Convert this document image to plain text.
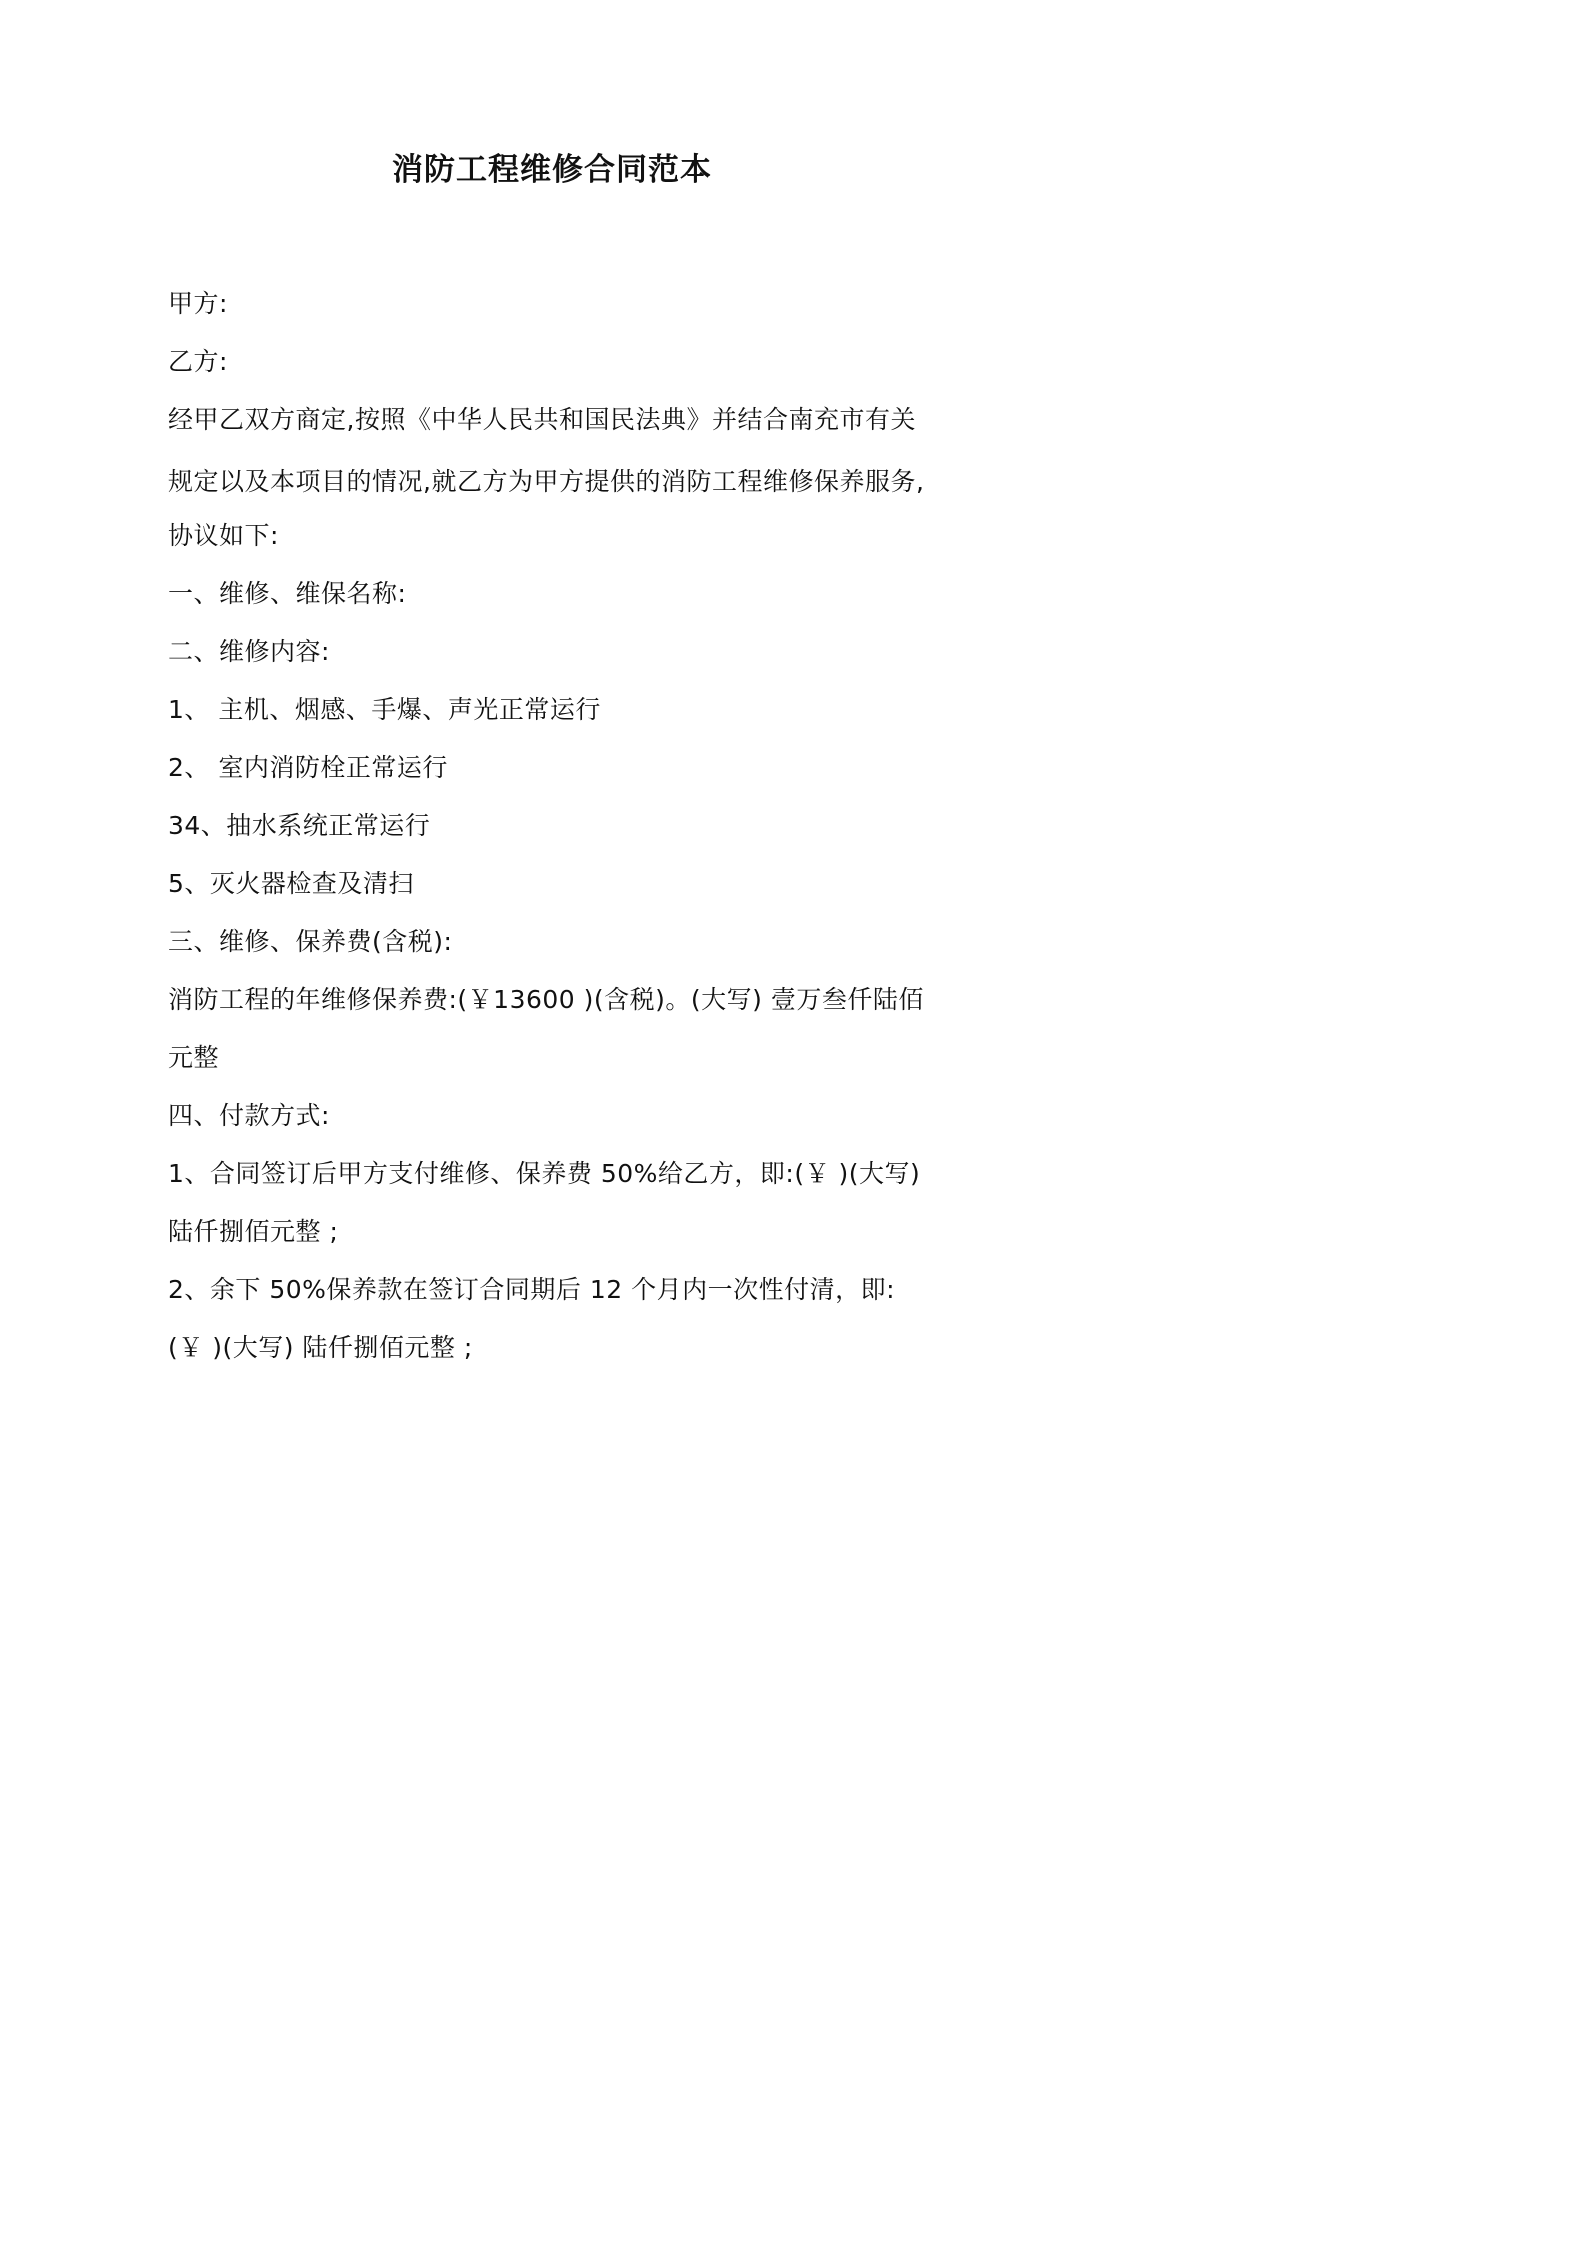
消防工程维修合同范本
甲方:
乙方:
经甲乙双方商定,按照《中华人民共和国民法典》并结合南充市有关
规定以及本项目的情况,就乙方为甲方提供的消防工程维修保养服务,
协议如下:
一、维修、维保名称:
二、维修内容:
1、 主机、烟感、手爆、声光正常运行
2、 室内消防栓正常运行
34、抽水系统正常运行
5、灭火器检查及清扫
三、维修、保养费(含税):
消防工程的年维修保养费:(￥13600 )(含税)。(大写) 壹万叁仟陆佰
元整
四、付款方式:
1、合同签订后甲方支付维修、保养费 50%给乙方，即:(￥ )(大写)
陆仟捌佰元整 ;
2、余下 50%保养款在签订合同期后 12 个月内一次性付清，即:
(￥ )(大写) 陆仟捌佰元整 ;
